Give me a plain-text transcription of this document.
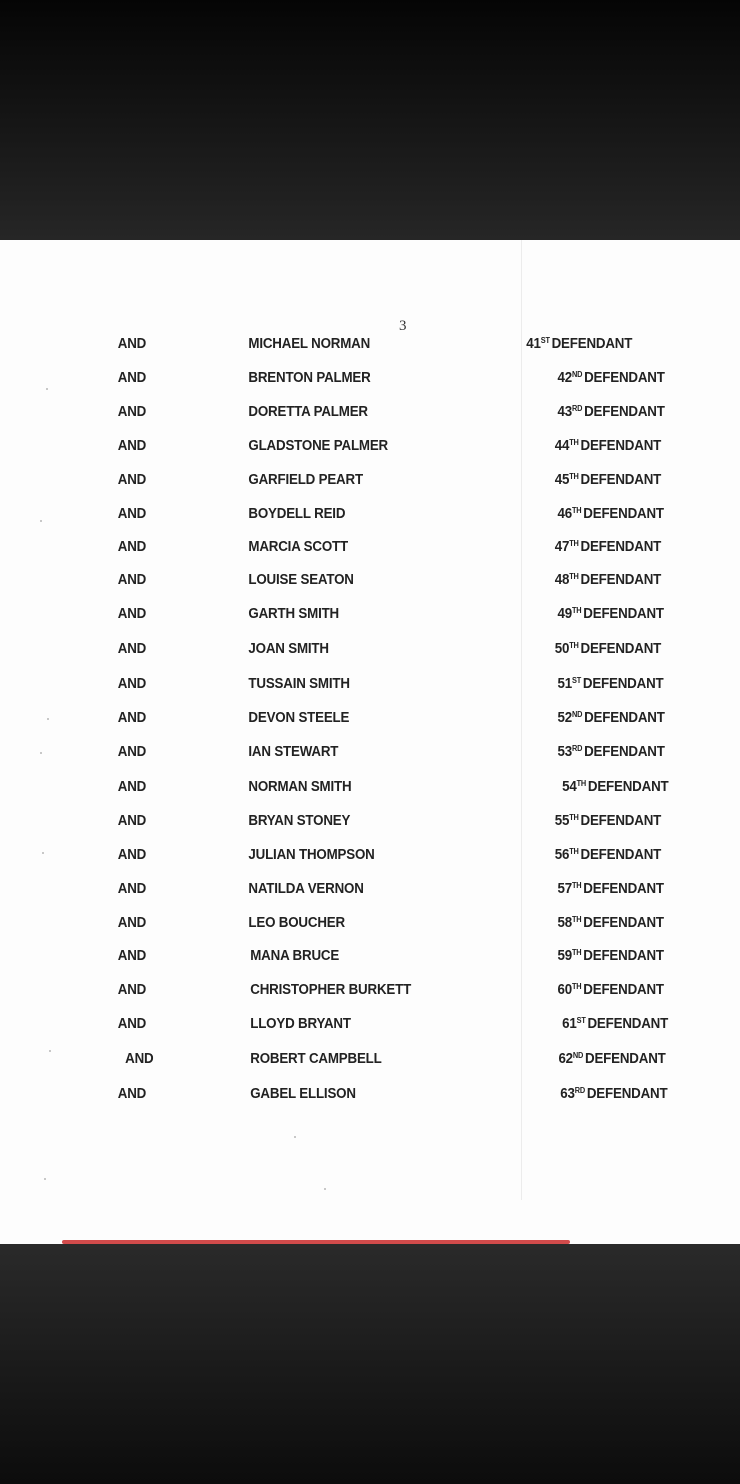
3
AND	MICHAEL NORMAN	41ST DEFENDANT
AND	BRENTON PALMER	42ND DEFENDANT
AND	DORETTA PALMER	43RD DEFENDANT
AND	GLADSTONE PALMER	44TH DEFENDANT
AND	GARFIELD PEART	45TH DEFENDANT
AND	BOYDELL REID	46TH DEFENDANT
AND	MARCIA SCOTT	47TH DEFENDANT
AND	LOUISE SEATON	48TH DEFENDANT
AND	GARTH SMITH	49TH DEFENDANT
AND	JOAN SMITH	50TH DEFENDANT
AND	TUSSAIN SMITH	51ST DEFENDANT
AND	DEVON STEELE	52ND DEFENDANT
AND	IAN STEWART	53RD DEFENDANT
AND	NORMAN SMITH	54TH DEFENDANT
AND	BRYAN STONEY	55TH DEFENDANT
AND	JULIAN THOMPSON	56TH DEFENDANT
AND	NATILDA VERNON	57TH DEFENDANT
AND	LEO BOUCHER	58TH DEFENDANT
AND	MANA BRUCE	59TH DEFENDANT
AND	CHRISTOPHER BURKETT	60TH DEFENDANT
AND	LLOYD BRYANT	61ST DEFENDANT
AND	ROBERT CAMPBELL	62ND DEFENDANT
AND	GABEL ELLISON	63RD DEFENDANT
